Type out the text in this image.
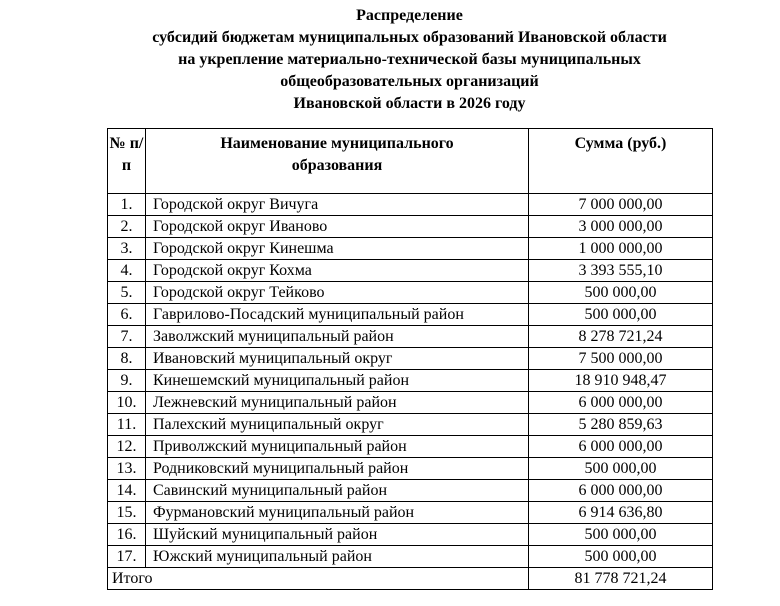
Распределение
субсидий бюджетам муниципальных образований Ивановской области
на укрепление материально-технической базы муниципальных
общеобразовательных организаций
Ивановской области в 2026 году
№ п/п	Наименование муниципального образования	Сумма (руб.)
1.	Городской округ Вичуга	7 000 000,00
2.	Городской округ Иваново	3 000 000,00
3.	Городской округ Кинешма	1 000 000,00
4.	Городской округ Кохма	3 393 555,10
5.	Городской округ Тейково	500 000,00
6.	Гаврилово-Посадский муниципальный район	500 000,00
7.	Заволжский муниципальный район	8 278 721,24
8.	Ивановский муниципальный округ	7 500 000,00
9.	Кинешемский муниципальный район	18 910 948,47
10.	Лежневский муниципальный район	6 000 000,00
11.	Палехский муниципальный округ	5 280 859,63
12.	Приволжский муниципальный район	6 000 000,00
13.	Родниковский муниципальный район	500 000,00
14.	Савинский муниципальный район	6 000 000,00
15.	Фурмановский муниципальный район	6 914 636,80
16.	Шуйский муниципальный район	500 000,00
17.	Южский муниципальный район	500 000,00
Итого		81 778 721,24
